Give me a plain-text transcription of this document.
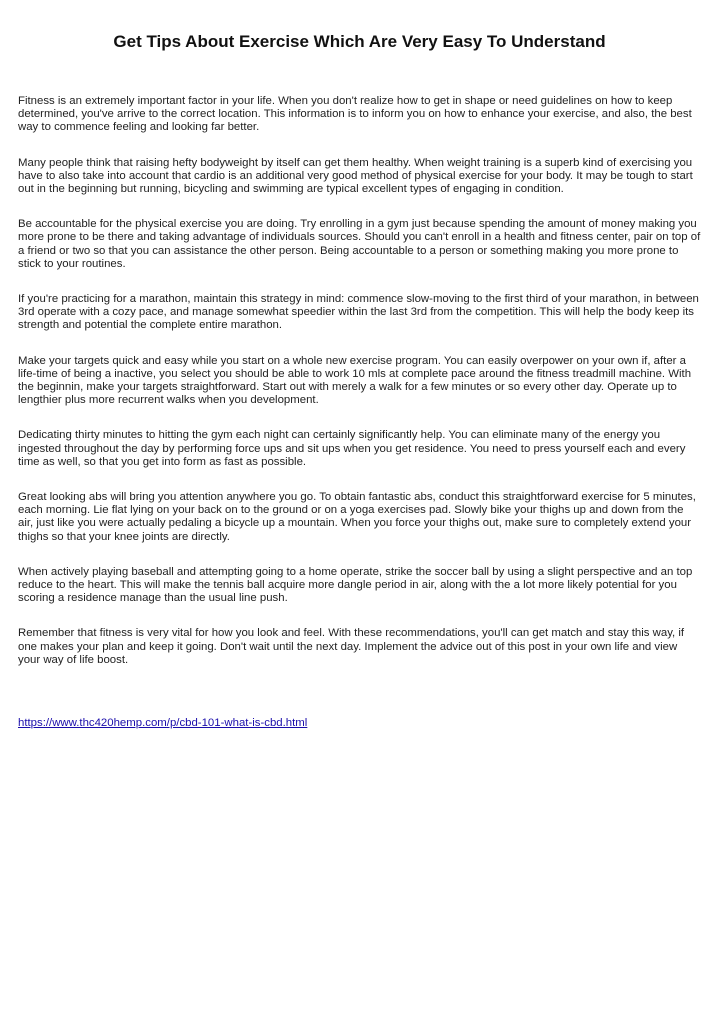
Get Tips About Exercise Which Are Very Easy To Understand

Fitness is an extremely important factor in your life. When you don't realize how to get in shape or need guidelines on how to keep determined, you've arrive to the correct location. This information is to inform you on how to enhance your exercise, and also, the best way to commence feeling and looking far better.

Many people think that raising hefty bodyweight by itself can get them healthy. When weight training is a superb kind of exercising you have to also take into account that cardio is an additional very good method of physical exercise for your body. It may be tough to start out in the beginning but running, bicycling and swimming are typical excellent types of engaging in condition.

Be accountable for the physical exercise you are doing. Try enrolling in a gym just because spending the amount of money making you more prone to be there and taking advantage of individuals sources. Should you can't enroll in a health and fitness center, pair on top of a friend or two so that you can assistance the other person. Being accountable to a person or something making you more prone to stick to your routines.

If you're practicing for a marathon, maintain this strategy in mind: commence slow-moving to the first third of your marathon, in between 3rd operate with a cozy pace, and manage somewhat speedier within the last 3rd from the competition. This will help the body keep its strength and potential the complete entire marathon.

Make your targets quick and easy while you start on a whole new exercise program. You can easily overpower on your own if, after a life-time of being a inactive, you select you should be able to work 10 mls at complete pace around the fitness treadmill machine. With the beginnin, make your targets straightforward. Start out with merely a walk for a few minutes or so every other day. Operate up to lengthier plus more recurrent walks when you development.

Dedicating thirty minutes to hitting the gym each night can certainly significantly help. You can eliminate many of the energy you ingested throughout the day by performing force ups and sit ups when you get residence. You need to press yourself each and every time as well, so that you get into form as fast as possible.

Great looking abs will bring you attention anywhere you go. To obtain fantastic abs, conduct this straightforward exercise for 5 minutes, each morning. Lie flat lying on your back on to the ground or on a yoga exercises pad. Slowly bike your thighs up and down from the air, just like you were actually pedaling a bicycle up a mountain. When you force your thighs out, make sure to completely extend your thighs so that your knee joints are directly.

When actively playing baseball and attempting going to a home operate, strike the soccer ball by using a slight perspective and an top reduce to the heart. This will make the tennis ball acquire more dangle period in air, along with the a lot more likely potential for you scoring a residence manage than the usual line push.

Remember that fitness is very vital for how you look and feel. With these recommendations, you'll can get match and stay this way, if one makes your plan and keep it going. Don't wait until the next day. Implement the advice out of this post in your own life and view your way of life boost.

https://www.thc420hemp.com/p/cbd-101-what-is-cbd.html
